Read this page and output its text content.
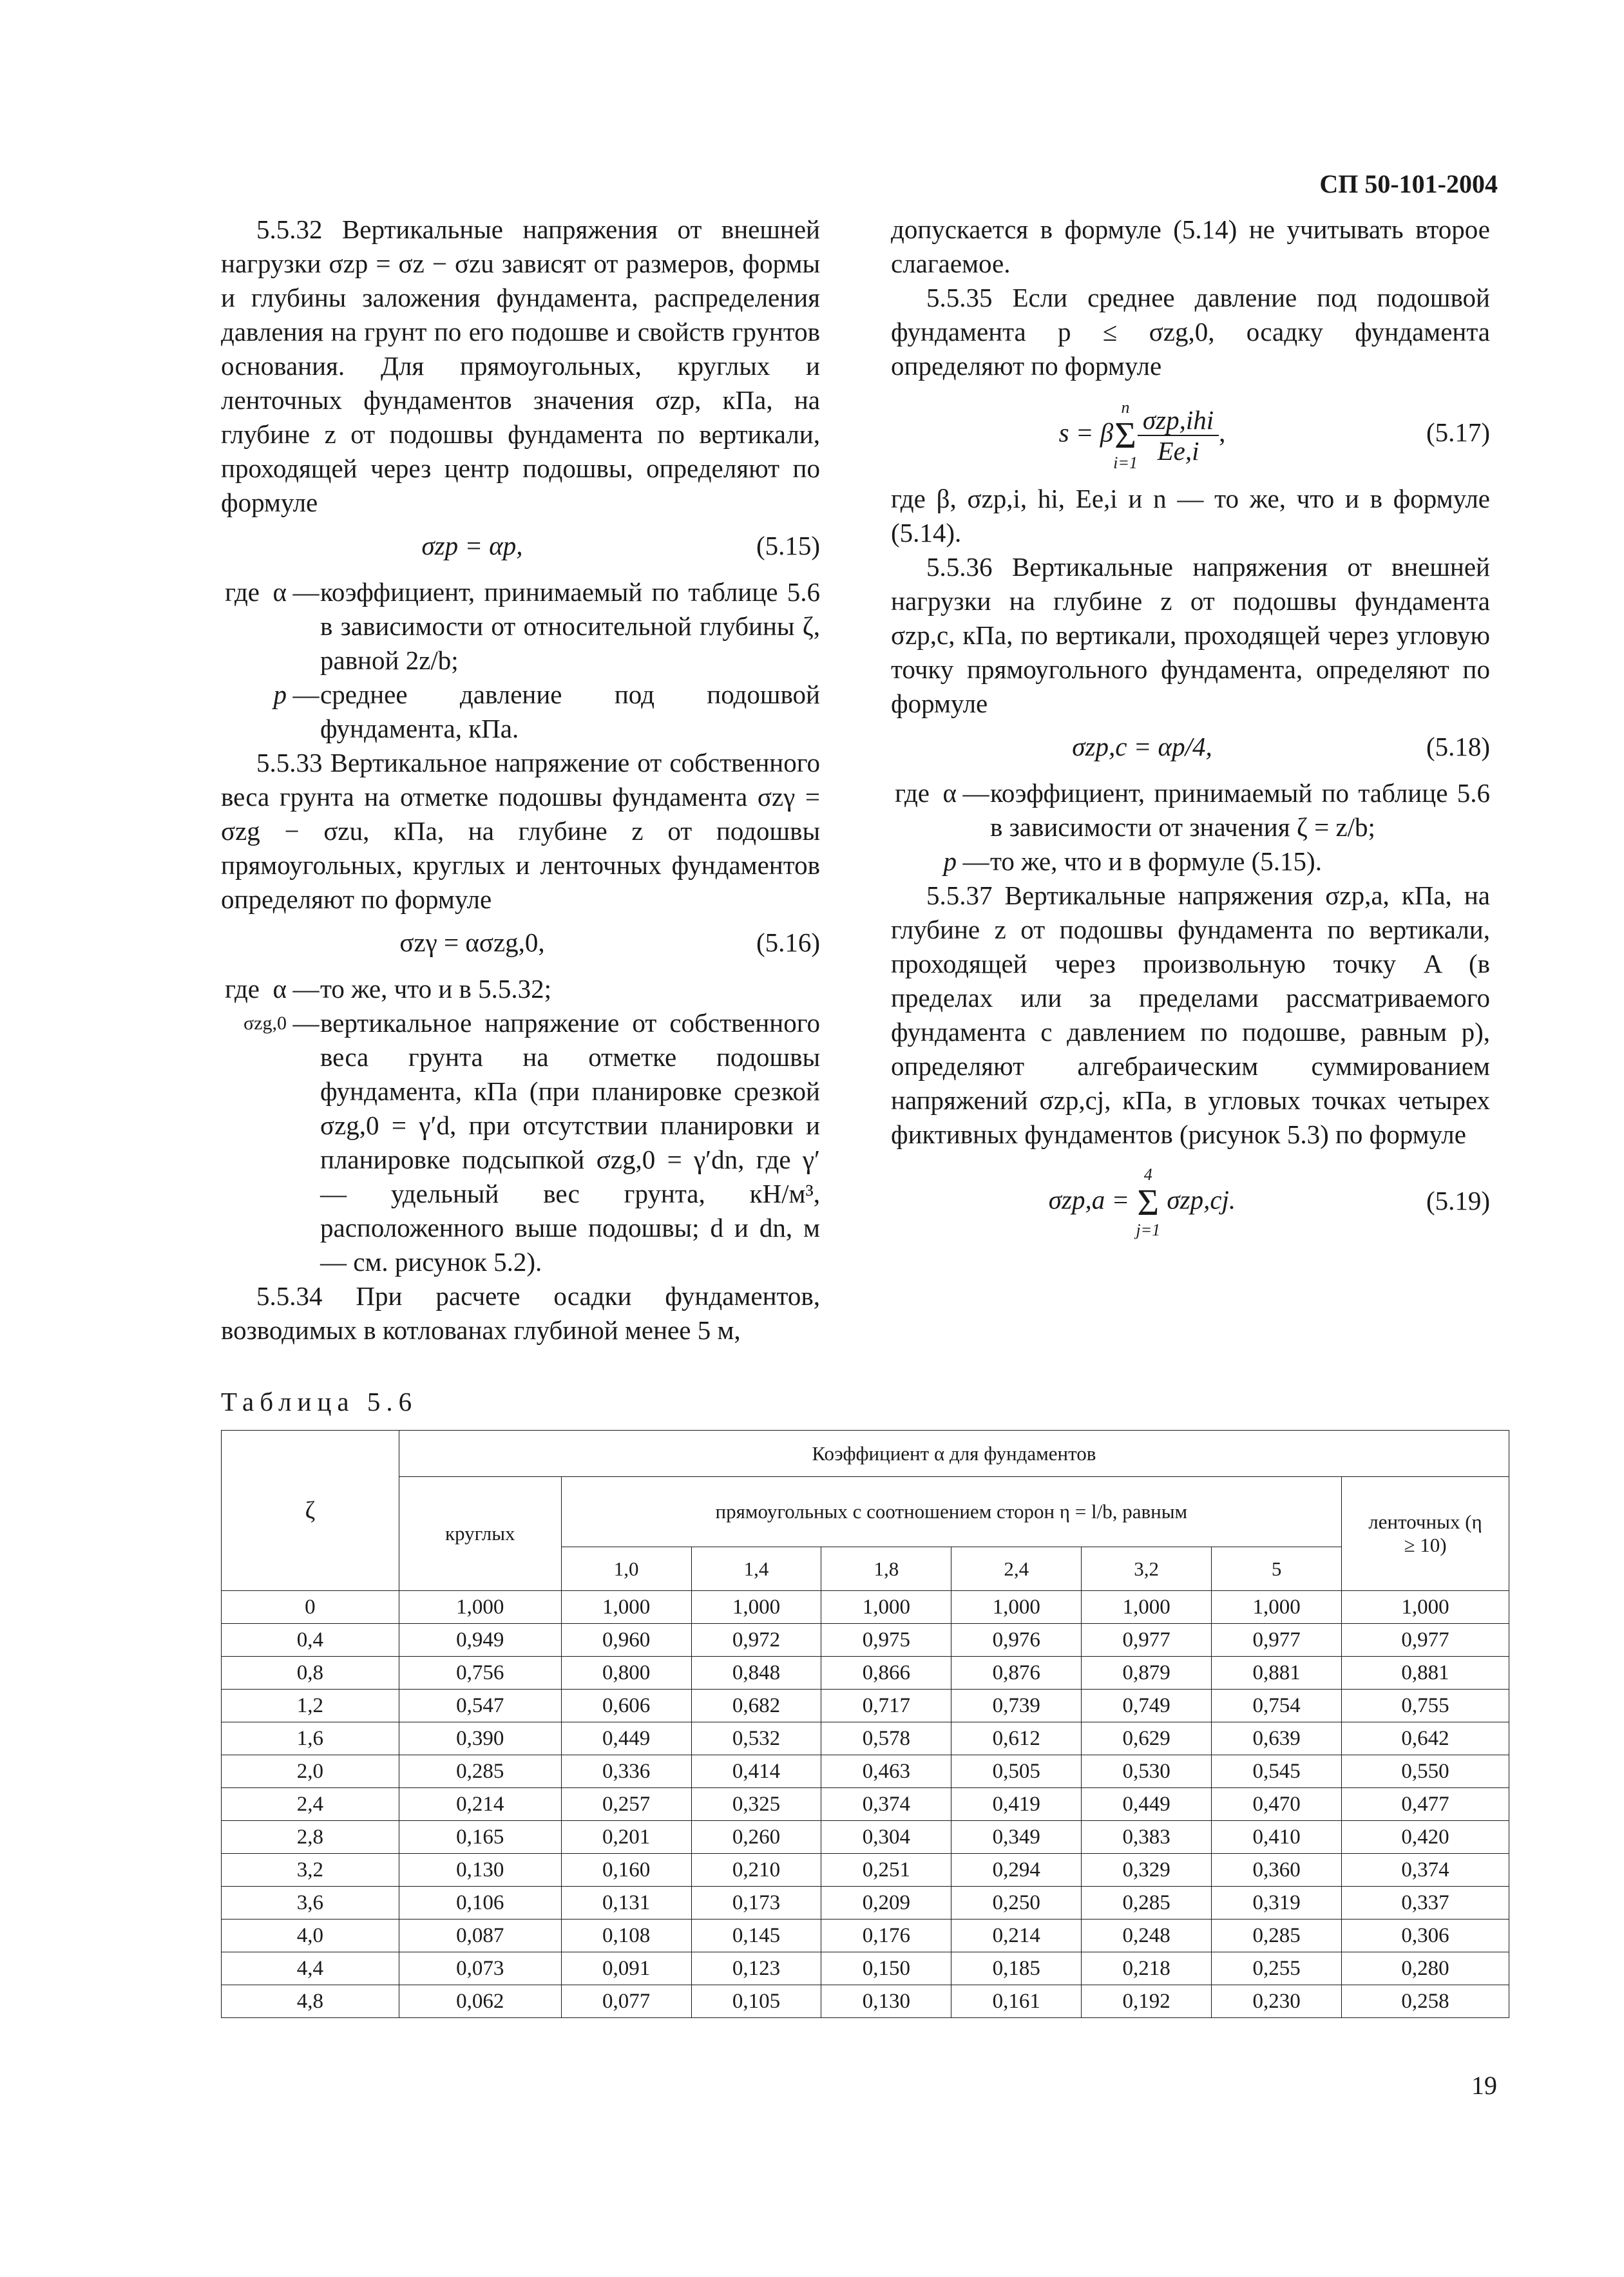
СП 50-101-2004

5.5.32 Вертикальные напряжения от внешней нагрузки σzp = σz − σzu зависят от размеров, формы и глубины заложения фундамента, распределения давления на грунт по его подошве и свойств грунтов основания. Для прямоугольных, круглых и ленточных фундаментов значения σzp, кПа, на глубине z от подошвы фундамента по вертикали, проходящей через центр подошвы, определяют по формуле

σzp = αp,	(5.15)
где α — коэффициент, принимаемый по таблице 5.6 в зависимости от относительной глубины ζ, равной 2z/b;
p — среднее давление под подошвой фундамента, кПа.

5.5.33 Вертикальное напряжение от собственного веса грунта на отметке подошвы фундамента σzγ = σzg − σzu, кПа, на глубине z от подошвы прямоугольных, круглых и ленточных фундаментов определяют по формуле

σzγ = ασzg,0,	(5.16)
где  α — то же, что и в 5.5.32;
σzg,0 — вертикальное напряжение от собственного веса грунта на отметке подошвы фундамента, кПа (при планировке срезкой σzg,0 = γ′d, при отсутствии планировки и планировке подсыпкой σzg,0 = γ′dn, где γ′ — удельный вес грунта, кН/м³, расположенного выше подошвы; d и dn, м — см. рисунок 5.2).

5.5.34 При расчете осадки фундаментов, возводимых в котлованах глубиной менее 5 м,

допускается в формуле (5.14) не учитывать второе слагаемое.

5.5.35 Если среднее давление под подошвой фундамента p ≤ σzg,0, осадку фундамента определяют по формуле

s = β
n
Σ
$i=1 \frac{\text{σzp,ihi}}{Ee,i}$ ,	(5.17)

где β, σzp,i, hi, Ee,i и n — то же, что и в формуле (5.14).

5.5.36 Вертикальные напряжения от внешней нагрузки на глубине z от подошвы фундамента σzp,c, кПа, по вертикали, проходящей через угловую точку прямоугольного фундамента, определяют по формуле

σzp,c = αp/4,	(5.18)
где α — коэффициент, принимаемый по таблице 5.6 в зависимости от значения ζ = z/b;
p — то же, что и в формуле (5.15).

5.5.37 Вертикальные напряжения σzp,a, кПа, на глубине z от подошвы фундамента по вертикали, проходящей через произвольную точку A (в пределах или за пределами рассматриваемого фундамента с давлением по подошве, равным p), определяют алгебраическим суммированием напряжений σzp,cj, кПа, в угловых точках четырех фиктивных фундаментов (рисунок 5.3) по формуле

σzp,a =
4
Σ
j=1
σzp,cj.	(5.19)
Таблица 5.6
ζ	Коэффициент α для фундаментов							
	круглых	прямоугольных с соотношением сторон η = l/b, равным						ленточных (η ≥ 10)
		1,0	1,4	1,8	2,4	3,2	5	
0	1,000	1,000	1,000	1,000	1,000	1,000	1,000	1,000
0,4	0,949	0,960	0,972	0,975	0,976	0,977	0,977	0,977
0,8	0,756	0,800	0,848	0,866	0,876	0,879	0,881	0,881
1,2	0,547	0,606	0,682	0,717	0,739	0,749	0,754	0,755
1,6	0,390	0,449	0,532	0,578	0,612	0,629	0,639	0,642
2,0	0,285	0,336	0,414	0,463	0,505	0,530	0,545	0,550
2,4	0,214	0,257	0,325	0,374	0,419	0,449	0,470	0,477
2,8	0,165	0,201	0,260	0,304	0,349	0,383	0,410	0,420
3,2	0,130	0,160	0,210	0,251	0,294	0,329	0,360	0,374
3,6	0,106	0,131	0,173	0,209	0,250	0,285	0,319	0,337
4,0	0,087	0,108	0,145	0,176	0,214	0,248	0,285	0,306
4,4	0,073	0,091	0,123	0,150	0,185	0,218	0,255	0,280
4,8	0,062	0,077	0,105	0,130	0,161	0,192	0,230	0,258
19
